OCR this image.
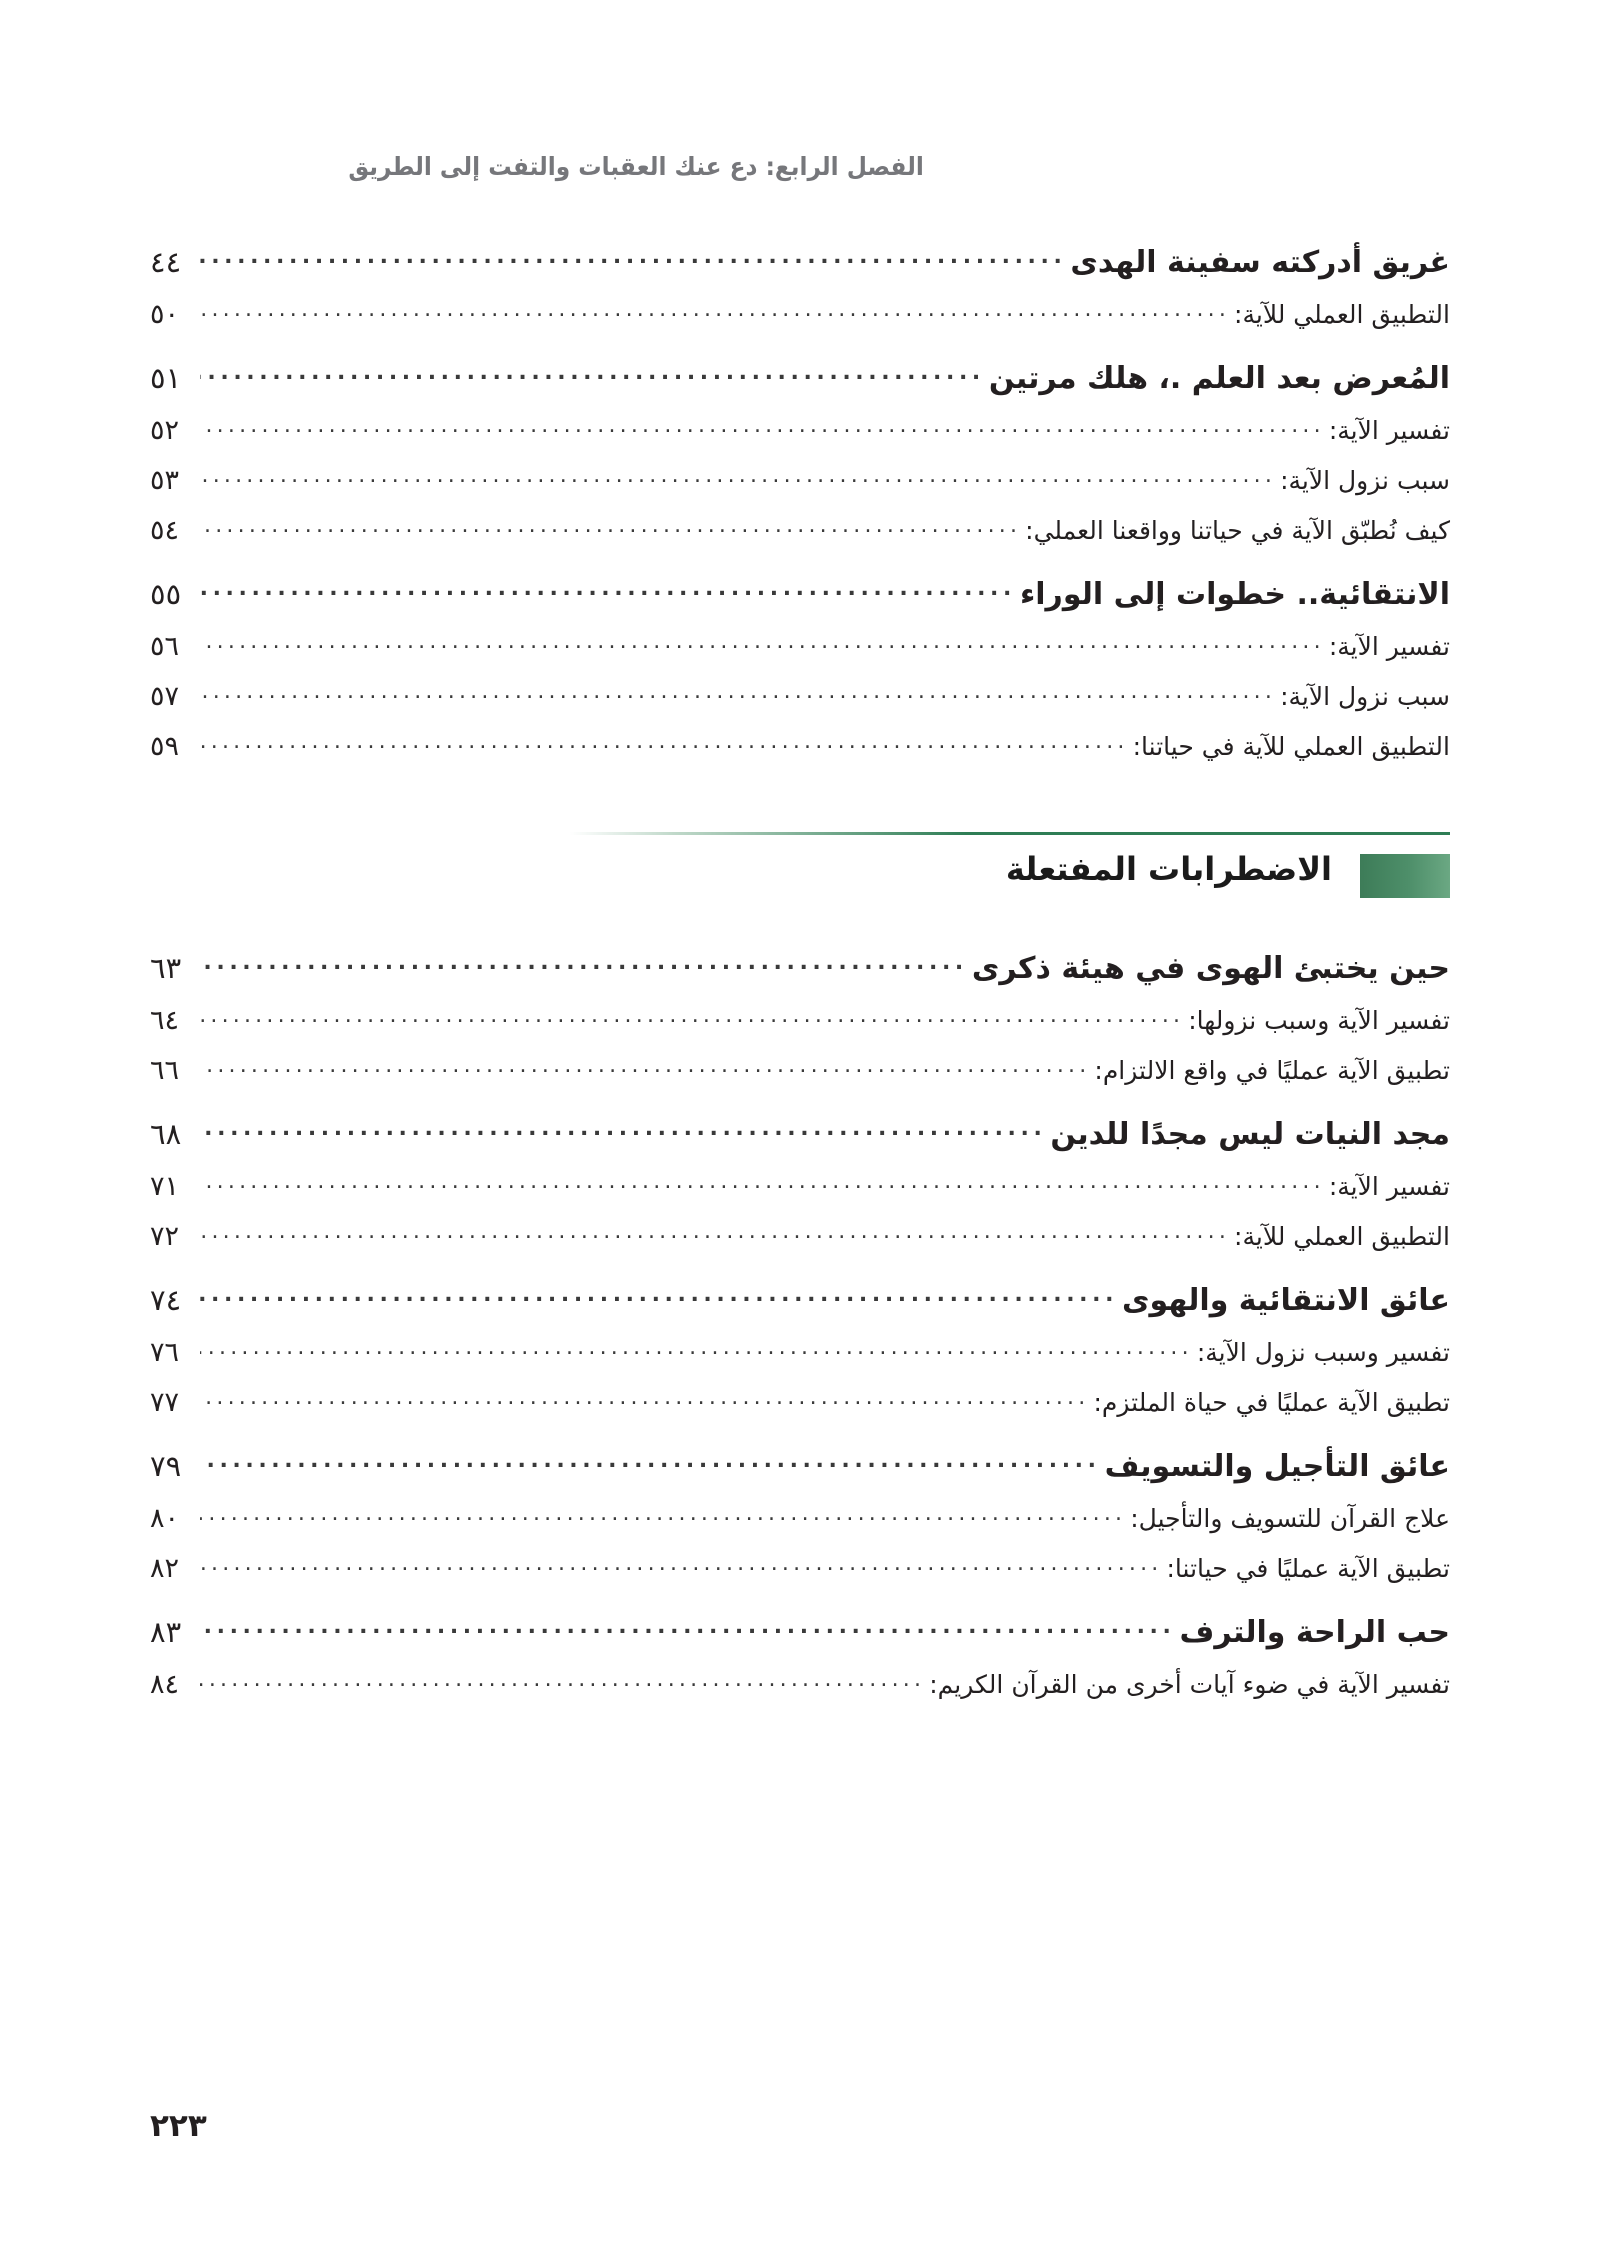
الفصل الرابع: دع عنك العقبات والتفت إلى الطريق
غريق أدركته سفينة الهدى
.....
٤٤
التطبيق العملي للآية:
.....
٥٠
المُعرض بعد العلم .، هلك مرتين
.....
٥١
تفسير الآية:
.....
٥٢
سبب نزول الآية:
.....
٥٣
كيف نُطبّق الآية في حياتنا وواقعنا العملي:
.....
٥٤
الانتقائية.. خطوات إلى الوراء
.....
٥٥
تفسير الآية:
.....
٥٦
سبب نزول الآية:
.....
٥٧
التطبيق العملي للآية في حياتنا:
.....
٥٩
الاضطرابات المفتعلة
حين يختبئ الهوى في هيئة ذكرى
.....
٦٣
تفسير الآية وسبب نزولها:
.....
٦٤
تطبيق الآية عمليًا في واقع الالتزام:
.....
٦٦
مجد النيات ليس مجدًا للدين
.....
٦٨
تفسير الآية:
.....
٧١
التطبيق العملي للآية:
.....
٧٢
عائق الانتقائية والهوى
.....
٧٤
تفسير وسبب نزول الآية:
.....
٧٦
تطبيق الآية عمليًا في حياة الملتزم:
.....
٧٧
عائق التأجيل والتسويف
.....
٧٩
علاج القرآن للتسويف والتأجيل:
.....
٨٠
تطبيق الآية عمليًا في حياتنا:
.....
٨٢
حب الراحة والترف
.....
٨٣
تفسير الآية في ضوء آيات أخرى من القرآن الكريم:
.....
٨٤
٢٢٣
